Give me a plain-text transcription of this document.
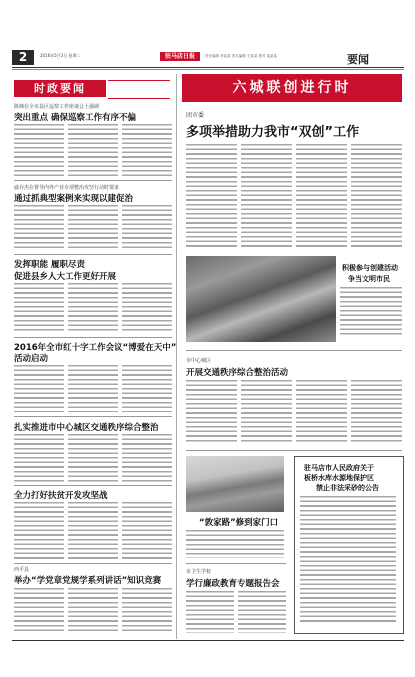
2	2016年5月3日 星期二	驻马店日报	责任编辑 李某某 美术编辑 王某某 校对 某某某	要闻
时政要闻
陈锋在全市县区巡察工作座谈会上强调
突出重点 确保巡察工作有序不偏
戚存杰在督导内外产业专项整治攻坚行动时要求
通过抓典型案例来实现以建促治
发挥职能 履职尽责
促进县乡人大工作更好开展
2016年全市红十字工作会议“博爱在天中”
活动启动
扎实推进市中心城区交通秩序综合整治
全力打好扶贫开发攻坚战
西平县
举办“学党章党规学系列讲话”知识竞赛
六城联创进行时
团市委
多项举措助力我市“双创”工作
积极参与创建活动
争当文明市民
市中心城区
开展交通秩序综合整治活动
“敦家路”修到家门口
驻马店市人民政府关于
板桥水库水源地保护区
禁止非法采砂的公告
市卫生学校
学行廉政教育专题报告会
